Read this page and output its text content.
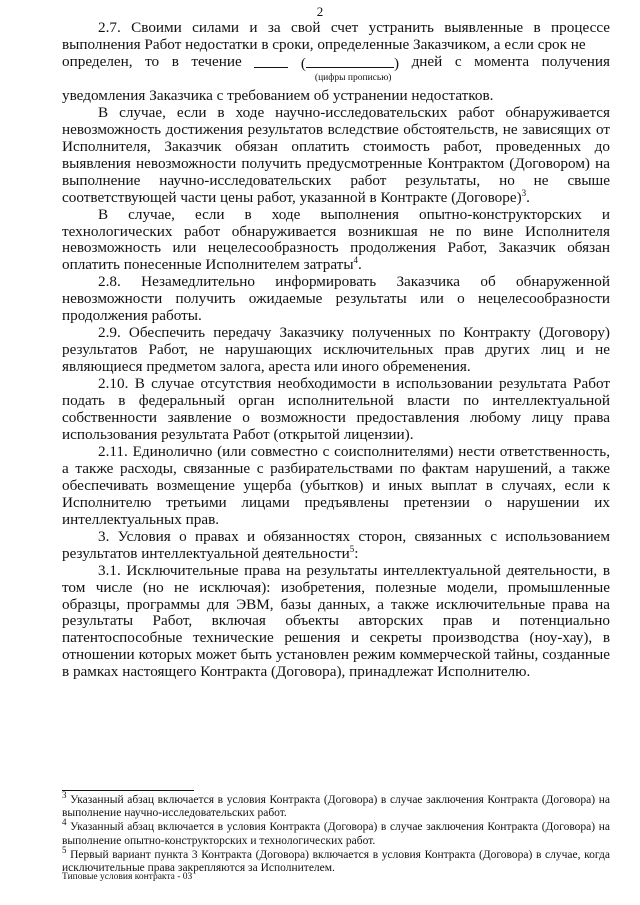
2

2.7. Своими силами и за свой счет устранить выявленные в процессе выполнения Работ недостатки в сроки, определенные Заказчиком, а если срок не

определен, то в течение	(	)
(цифры прописью)
дней с момента получения

уведомления Заказчика с требованием об устранении недостатков.

В случае, если в ходе научно-исследовательских работ обнаруживается невозможность достижения результатов вследствие обстоятельств, не зависящих от Исполнителя, Заказчик обязан оплатить стоимость работ, проведенных до выявления невозможности получить предусмотренные Контрактом (Договором) на выполнение научно-исследовательских работ результаты, но не свыше соответствующей части цены работ, указанной в Контракте (Договоре)$^3$.

В случае, если в ходе выполнения опытно-конструкторских и технологических работ обнаруживается возникшая не по вине Исполнителя невозможность или нецелесообразность продолжения Работ, Заказчик обязан оплатить понесенные Исполнителем затраты$^4$.

2.8. Незамедлительно информировать Заказчика об обнаруженной невозможности получить ожидаемые результаты или о нецелесообразности продолжения работы.

2.9. Обеспечить передачу Заказчику полученных по Контракту (Договору) результатов Работ, не нарушающих исключительных прав других лиц и не являющиеся предметом залога, ареста или иного обременения.

2.10. В случае отсутствия необходимости в использовании результата Работ подать в федеральный орган исполнительной власти по интеллектуальной собственности заявление о возможности предоставления любому лицу права использования результата Работ (открытой лицензии).

2.11. Единолично (или совместно с соисполнителями) нести ответственность, а также расходы, связанные с разбирательствами по фактам нарушений, а также обеспечивать возмещение ущерба (убытков) и иных выплат в случаях, если к Исполнителю третьими лицами предъявлены претензии о нарушении их интеллектуальных прав.

3. Условия о правах и обязанностях сторон, связанных с использованием результатов интеллектуальной деятельности$^5$:

3.1. Исключительные права на результаты интеллектуальной деятельности, в том числе (но не исключая): изобретения, полезные модели, промышленные образцы, программы для ЭВМ, базы данных, а также исключительные права на результаты Работ, включая объекты авторских прав и потенциально патентоспособные технические решения и секреты производства (ноу-хау), в отношении которых может быть установлен режим коммерческой тайны, созданные в рамках настоящего Контракта (Договора), принадлежат Исполнителю.

$^3$ Указанный абзац включается в условия Контракта (Договора) в случае заключения Контракта (Договора) на выполнение научно-исследовательских работ.

$^4$ Указанный абзац включается в условия Контракта (Договора) в случае заключения Контракта (Договора) на выполнение опытно-конструкторских и технологических работ.

$^5$ Первый вариант пункта 3 Контракта (Договора) включается в условия Контракта (Договора) в случае, когда исключительные права закрепляются за Исполнителем.

Типовые условия контракта - 03
